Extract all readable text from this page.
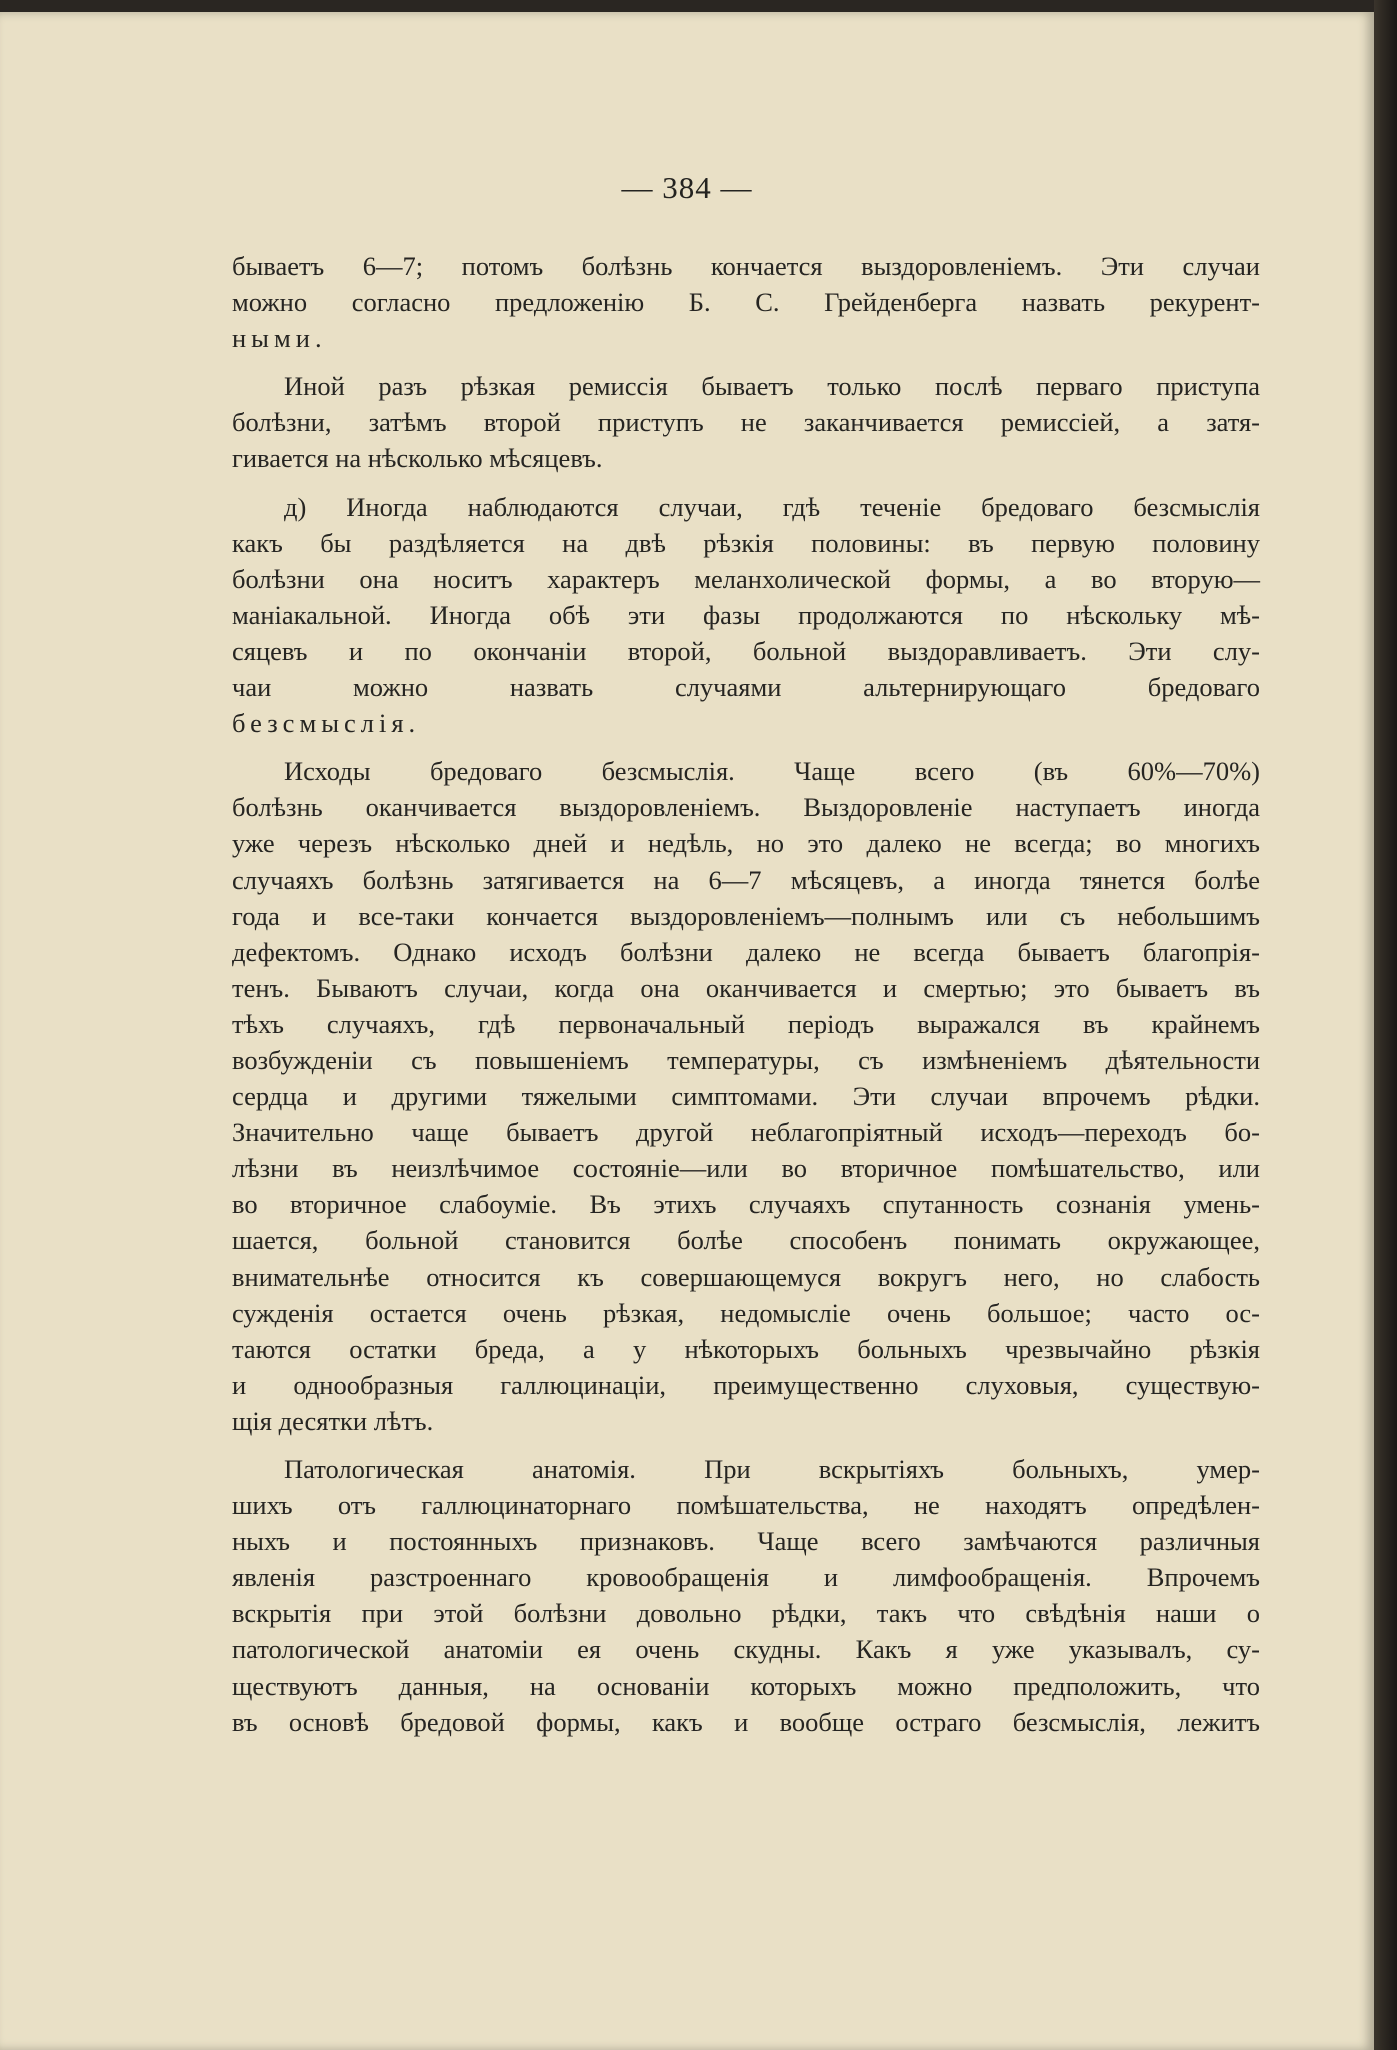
— 384 —
бываетъ 6—7; потомъ болѣзнь кончается выздоровленіемъ. Эти случаи
можно согласно предложенію Б. С. Грейденберга назвать рекурент-
ными.
Иной разъ рѣзкая ремиссія бываетъ только послѣ перваго приступа
болѣзни, затѣмъ второй приступъ не заканчивается ремиссіей, а затя-
гивается на нѣсколько мѣсяцевъ.
д) Иногда наблюдаются случаи, гдѣ теченіе бредоваго безсмыслія
какъ бы раздѣляется на двѣ рѣзкія половины: въ первую половину
болѣзни она носитъ характеръ меланхолической формы, а во вторую—
маніакальной. Иногда обѣ эти фазы продолжаются по нѣскольку мѣ-
сяцевъ и по окончаніи второй, больной выздоравливаетъ. Эти слу-
чаи можно назвать случаями альтернирующаго бредоваго
безсмыслія.
Исходы бредоваго безсмыслія. Чаще всего (въ 60%—70%)
болѣзнь оканчивается выздоровленіемъ. Выздоровленіе наступаетъ иногда
уже черезъ нѣсколько дней и недѣль, но это далеко не всегда; во многихъ
случаяхъ болѣзнь затягивается на 6—7 мѣсяцевъ, а иногда тянется болѣе
года и все-таки кончается выздоровленіемъ—полнымъ или съ небольшимъ
дефектомъ. Однако исходъ болѣзни далеко не всегда бываетъ благопрія-
тенъ. Бываютъ случаи, когда она оканчивается и смертью; это бываетъ въ
тѣхъ случаяхъ, гдѣ первоначальный періодъ выражался въ крайнемъ
возбужденіи съ повышеніемъ температуры, съ измѣненіемъ дѣятельности
сердца и другими тяжелыми симптомами. Эти случаи впрочемъ рѣдки.
Значительно чаще бываетъ другой неблагопріятный исходъ—переходъ бо-
лѣзни въ неизлѣчимое состояніе—или во вторичное помѣшательство, или
во вторичное слабоуміе. Въ этихъ случаяхъ спутанность сознанія умень-
шается, больной становится болѣе способенъ понимать окружающее,
внимательнѣе относится къ совершающемуся вокругъ него, но слабость
сужденія остается очень рѣзкая, недомысліе очень большое; часто ос-
таются остатки бреда, а у нѣкоторыхъ больныхъ чрезвычайно рѣзкія
и однообразныя галлюцинаціи, преимущественно слуховыя, существую-
щія десятки лѣтъ.
Патологическая анатомія. При вскрытіяхъ больныхъ, умер-
шихъ отъ галлюцинаторнаго помѣшательства, не находятъ опредѣлен-
ныхъ и постоянныхъ признаковъ. Чаще всего замѣчаются различныя
явленія разстроеннаго кровообращенія и лимфообращенія. Впрочемъ
вскрытія при этой болѣзни довольно рѣдки, такъ что свѣдѣнія наши о
патологической анатоміи ея очень скудны. Какъ я уже указывалъ, су-
ществуютъ данныя, на основаніи которыхъ можно предположить, что
въ основѣ бредовой формы, какъ и вообще остраго безсмыслія, лежитъ
